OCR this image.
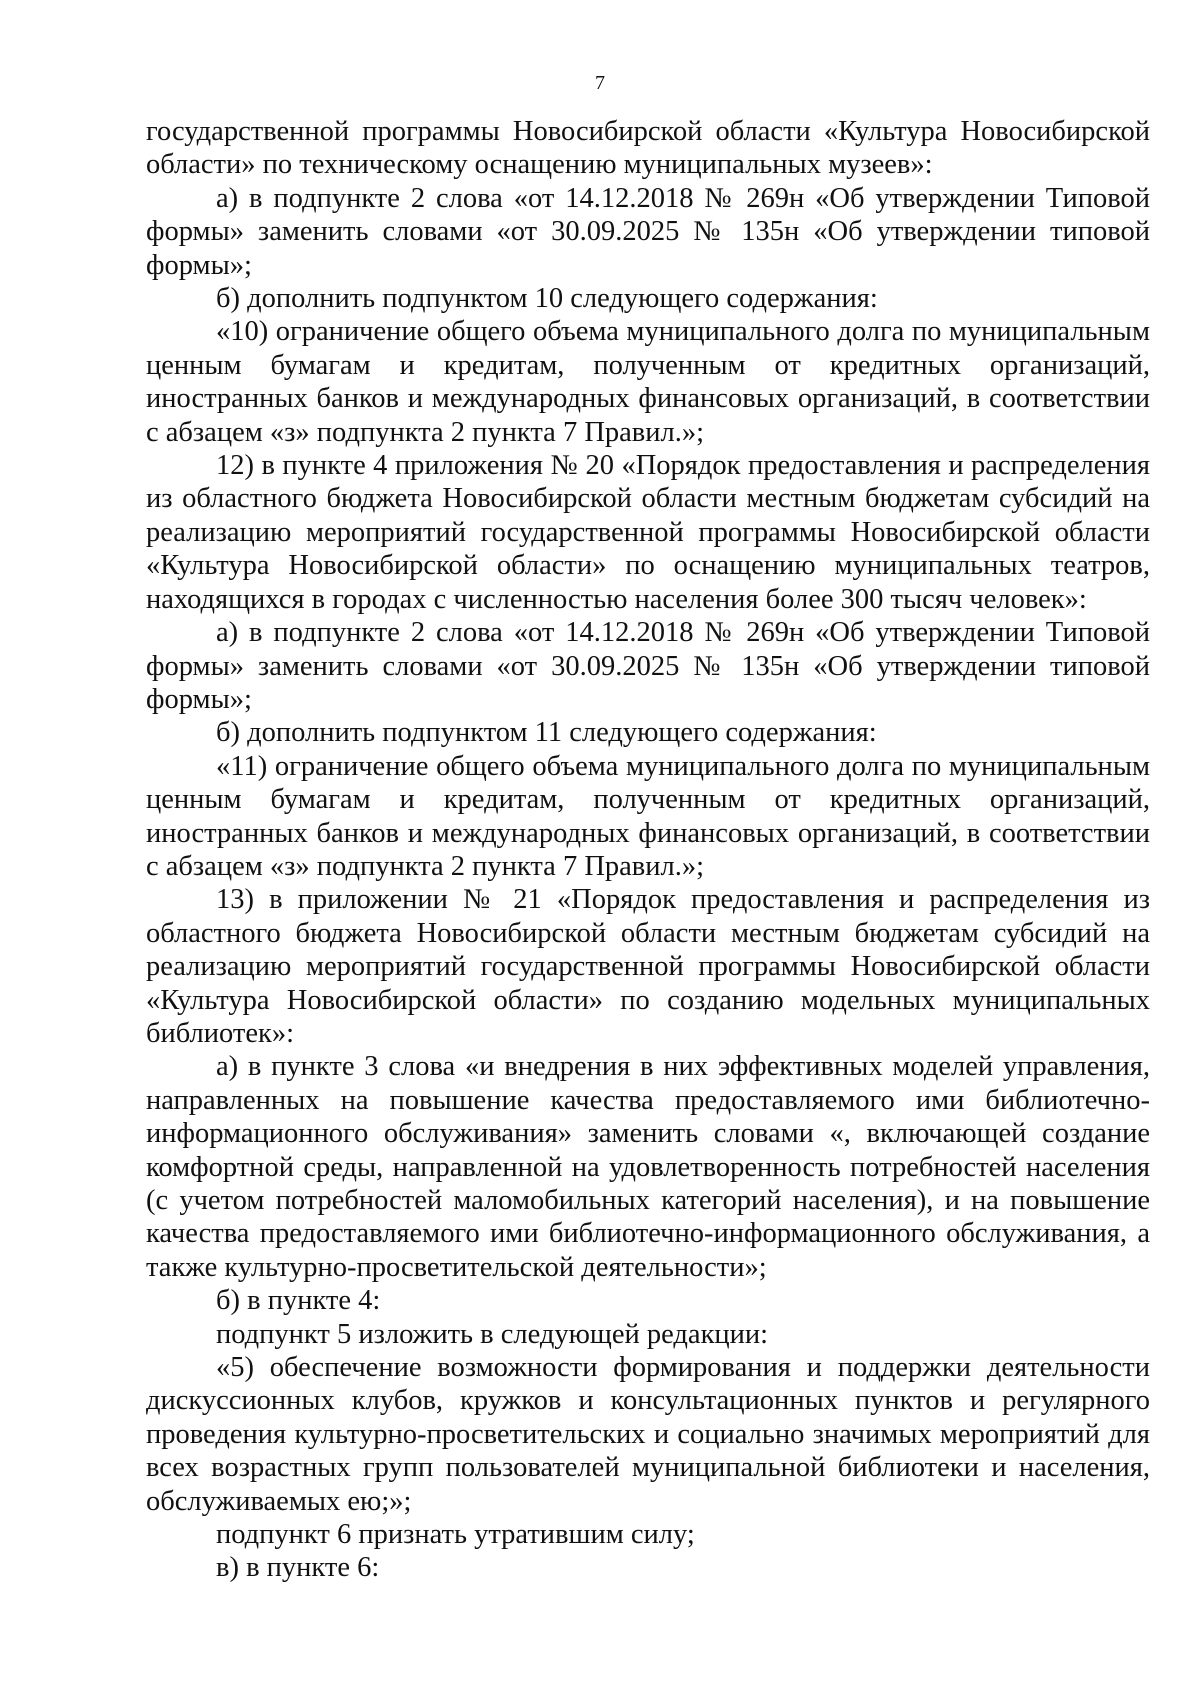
7

государственной программы Новосибирской области «Культура Новосибирской области» по техническому оснащению муниципальных музеев»:

а) в подпункте 2 слова «от 14.12.2018 № 269н «Об утверждении Типовой формы» заменить словами «от 30.09.2025 № 135н «Об утверждении типовой формы»;

б) дополнить подпунктом 10 следующего содержания:

«10) ограничение общего объема муниципального долга по муниципальным ценным бумагам и кредитам, полученным от кредитных организаций, иностранных банков и международных финансовых организаций, в соответствии с абзацем «з» подпункта 2 пункта 7 Правил.»;

12) в пункте 4 приложения № 20 «Порядок предоставления и распределения из областного бюджета Новосибирской области местным бюджетам субсидий на реализацию мероприятий государственной программы Новосибирской области «Культура Новосибирской области» по оснащению муниципальных театров, находящихся в городах с численностью населения более 300 тысяч человек»:

а) в подпункте 2 слова «от 14.12.2018 № 269н «Об утверждении Типовой формы» заменить словами «от 30.09.2025 № 135н «Об утверждении типовой формы»;

б) дополнить подпунктом 11 следующего содержания:

«11) ограничение общего объема муниципального долга по муниципальным ценным бумагам и кредитам, полученным от кредитных организаций, иностранных банков и международных финансовых организаций, в соответствии с абзацем «з» подпункта 2 пункта 7 Правил.»;

13) в приложении № 21 «Порядок предоставления и распределения из областного бюджета Новосибирской области местным бюджетам субсидий на реализацию мероприятий государственной программы Новосибирской области «Культура Новосибирской области» по созданию модельных муниципальных библиотек»:

а) в пункте 3 слова «и внедрения в них эффективных моделей управления, направленных на повышение качества предоставляемого ими библиотечно-информационного обслуживания» заменить словами «, включающей создание комфортной среды, направленной на удовлетворенность потребностей населения (с учетом потребностей маломобильных категорий населения), и на повышение качества предоставляемого ими библиотечно-информационного обслуживания, а также культурно-просветительской деятельности»;

б) в пункте 4:

подпункт 5 изложить в следующей редакции:

«5) обеспечение возможности формирования и поддержки деятельности дискуссионных клубов, кружков и консультационных пунктов и регулярного проведения культурно-просветительских и социально значимых мероприятий для всех возрастных групп пользователей муниципальной библиотеки и населения, обслуживаемых ею;»;

подпункт 6 признать утратившим силу;

в) в пункте 6:
